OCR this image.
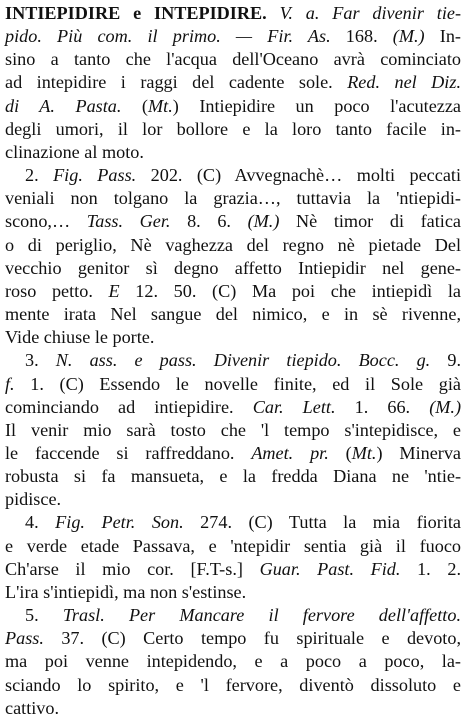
INTIEPIDIRE e INTEPIDIRE. V. a. Far divenir tie-
pido. Più com. il primo. — Fir. As. 168. (M.) In-
sino a tanto che l'acqua dell'Oceano avrà cominciato
ad intepidire i raggi del cadente sole. Red. nel Diz.
di A. Pasta. (Mt.) Intiepidire un poco l'acutezza
degli umori, il lor bollore e la loro tanto facile in-
clinazione al moto.
2. Fig. Pass. 202. (C) Avvegnachè… molti peccati
veniali non tolgano la grazia…, tuttavia la 'ntiepidi-
scono,… Tass. Ger. 8. 6. (M.) Nè timor di fatica
o di periglio, Nè vaghezza del regno nè pietade Del
vecchio genitor sì degno affetto Intiepidir nel gene-
roso petto. E 12. 50. (C) Ma poi che intiepidì la
mente irata Nel sangue del nimico, e in sè rivenne,
Vide chiuse le porte.
3. N. ass. e pass. Divenir tiepido. Bocc. g. 9.
f. 1. (C) Essendo le novelle finite, ed il Sole già
cominciando ad intiepidire. Car. Lett. 1. 66. (M.)
Il venir mio sarà tosto che 'l tempo s'intepidisce, e
le faccende si raffreddano. Amet. pr. (Mt.) Minerva
robusta si fa mansueta, e la fredda Diana ne 'ntie-
pidisce.
4. Fig. Petr. Son. 274. (C) Tutta la mia fiorita
e verde etade Passava, e 'ntepidir sentia già il fuoco
Ch'arse il mio cor. [F.T-s.] Guar. Past. Fid. 1. 2.
L'ira s'intiepidì, ma non s'estinse.
5. Trasl. Per Mancare il fervore dell'affetto.
Pass. 37. (C) Certo tempo fu spirituale e devoto,
ma poi venne intepidendo, e a poco a poco, la-
sciando lo spirito, e 'l fervore, diventò dissoluto e
cattivo.
